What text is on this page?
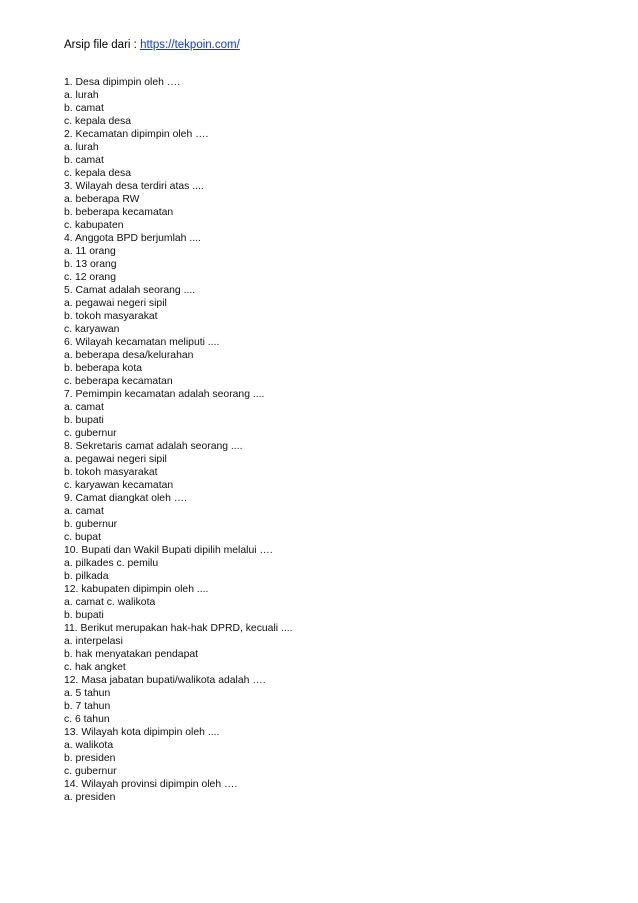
Arsip file dari : https://tekpoin.com/
1. Desa dipimpin oleh ….
a. lurah
b. camat
c. kepala desa
2. Kecamatan dipimpin oleh ….
a. lurah
b. camat
c. kepala desa
3. Wilayah desa terdiri atas ....
a. beberapa RW
b. beberapa kecamatan
c. kabupaten
4. Anggota BPD berjumlah ....
a. 11 orang
b. 13 orang
c. 12 orang
5. Camat adalah seorang ....
a. pegawai negeri sipil
b. tokoh masyarakat
c. karyawan
6. Wilayah kecamatan meliputi ....
a. beberapa desa/kelurahan
b. beberapa kota
c. beberapa kecamatan
7. Pemimpin kecamatan adalah seorang ....
a. camat
b. bupati
c. gubernur
8. Sekretaris camat adalah seorang ....
a. pegawai negeri sipil
b. tokoh masyarakat
c. karyawan kecamatan
9. Camat diangkat oleh ….
a. camat
b. gubernur
c. bupat
10. Bupati dan Wakil Bupati dipilih melalui ….
a. pilkades c. pemilu
b. pilkada
12. kabupaten dipimpin oleh ....
a. camat c. walikota
b. bupati
11. Berikut merupakan hak-hak DPRD, kecuali ....
a. interpelasi
b. hak menyatakan pendapat
c. hak angket
12. Masa jabatan bupati/walikota adalah ….
a. 5 tahun
b. 7 tahun
c. 6 tahun
13. Wilayah kota dipimpin oleh ....
a. walikota
b. presiden
c. gubernur
14. Wilayah provinsi dipimpin oleh ….
a. presiden
